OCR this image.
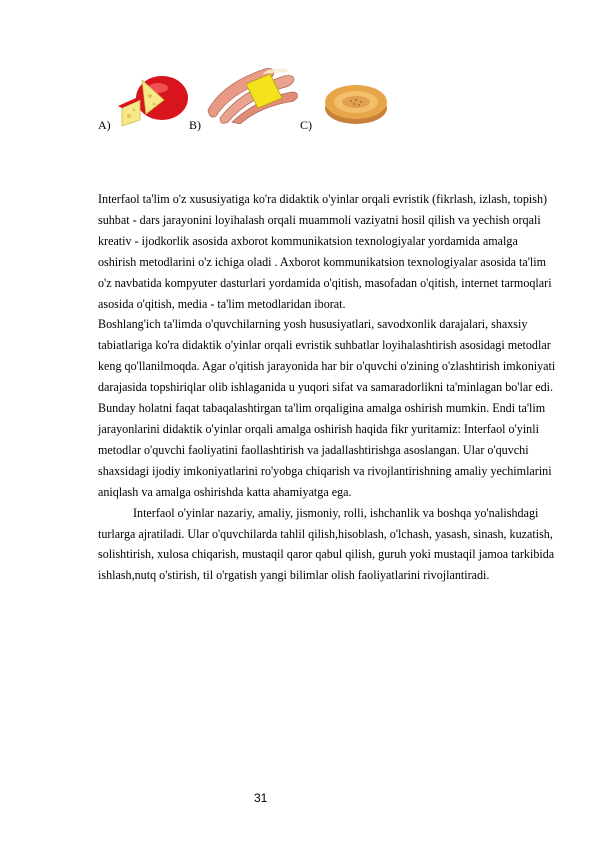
A)	B)	C)

Interfaol ta'lim o'z xususiyatiga ko'ra didaktik o'yinlar orqali evristik (fikrlash, izlash, topish) suhbat - dars jarayonini loyihalash orqali muammoli vaziyatni hosil qilish va yechish orqali kreativ - ijodkorlik asosida axborot kommunikatsion texnologiyalar yordamida amalga oshirish metodlarini o'z ichiga oladi . Axborot kommunikatsion texnologiyalar asosida ta'lim o'z navbatida kompyuter dasturlari yordamida o'qitish, masofadan o'qitish, internet tarmoqlari asosida o'qitish, media - ta'lim metodlaridan iborat.

Boshlang'ich ta'limda o'quvchilarning yosh hususiyatlari, savodxonlik darajalari, shaxsiy tabiatlariga ko'ra didaktik o'yinlar orqali evristik suhbatlar loyihalashtirish asosidagi metodlar keng qo'llanilmoqda. Agar o'qitish jarayonida har bir o'quvchi o'zining o'zlashtirish imkoniyati darajasida topshiriqlar olib ishlaganida u yuqori sifat va samaradorlikni ta'minlagan bo'lar edi. Bunday holatni faqat tabaqalashtirgan ta'lim orqaligina amalga oshirish mumkin. Endi ta'lim jarayonlarini didaktik o'yinlar orqali amalga oshirish haqida fikr yuritamiz: Interfaol o'yinli metodlar o'quvchi faoliyatini faollashtirish va jadallashtirishga asoslangan. Ular o'quvchi shaxsidagi ijodiy imkoniyatlarini ro'yobga chiqarish va rivojlantirishning amaliy yechimlarini aniqlash va amalga oshirishda katta ahamiyatga ega.

Interfaol o'yinlar nazariy, amaliy, jismoniy, rolli, ishchanlik va boshqa yo'nalishdagi turlarga ajratiladi. Ular o'quvchilarda tahlil qilish,hisoblash, o'lchash, yasash, sinash, kuzatish, solishtirish, xulosa chiqarish, mustaqil qaror qabul qilish, guruh yoki mustaqil jamoa tarkibida ishlash,nutq o'stirish, til o'rgatish yangi bilimlar olish faoliyatlarini rivojlantiradi.

31
